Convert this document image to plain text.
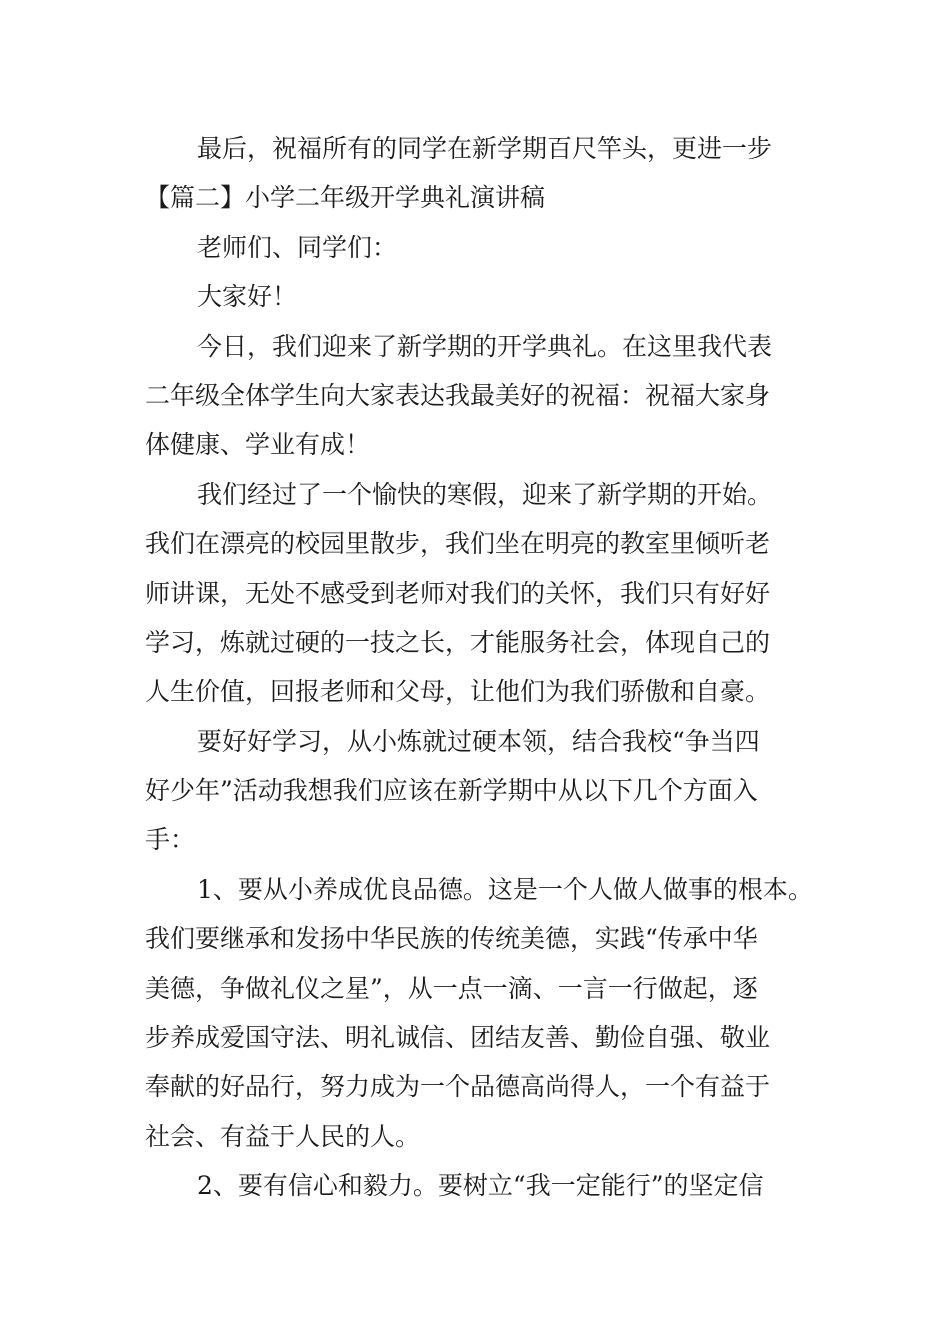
最后，祝福所有的同学在新学期百尺竿头，更进一步
【篇二】小学二年级开学典礼演讲稿
老师们、同学们：
大家好！
今日，我们迎来了新学期的开学典礼。在这里我代表
二年级全体学生向大家表达我最美好的祝福：祝福大家身
体健康、学业有成！
我们经过了一个愉快的寒假，迎来了新学期的开始。
我们在漂亮的校园里散步，我们坐在明亮的教室里倾听老
师讲课，无处不感受到老师对我们的关怀，我们只有好好
学习，炼就过硬的一技之长，才能服务社会，体现自己的
人生价值，回报老师和父母，让他们为我们骄傲和自豪。
要好好学习，从小炼就过硬本领，结合我校“争当四
好少年”活动我想我们应该在新学期中从以下几个方面入
手：
1、要从小养成优良品德。这是一个人做人做事的根本。
我们要继承和发扬中华民族的传统美德，实践“传承中华
美德，争做礼仪之星”，从一点一滴、一言一行做起，逐
步养成爱国守法、明礼诚信、团结友善、勤俭自强、敬业
奉献的好品行，努力成为一个品德高尚得人，一个有益于
社会、有益于人民的人。
2、要有信心和毅力。要树立“我一定能行”的坚定信
